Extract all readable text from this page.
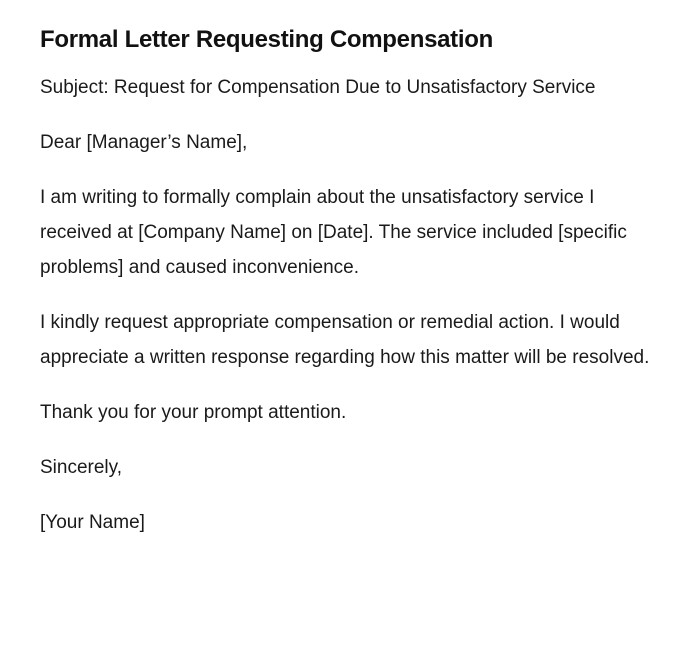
Formal Letter Requesting Compensation

Subject: Request for Compensation Due to Unsatisfactory Service

Dear [Manager’s Name],

I am writing to formally complain about the unsatisfactory service I received at [Company Name] on [Date]. The service included [specific problems] and caused inconvenience.

I kindly request appropriate compensation or remedial action. I would appreciate a written response regarding how this matter will be resolved.

Thank you for your prompt attention.

Sincerely,

[Your Name]
